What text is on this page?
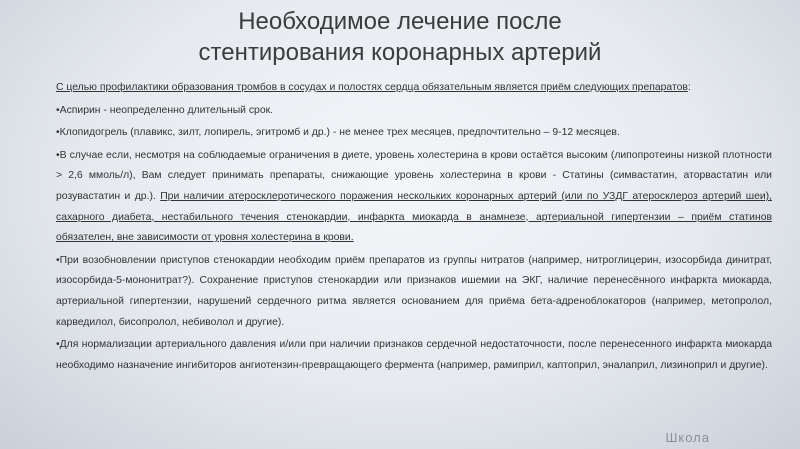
Необходимое лечение после
стентирования коронарных артерий

С целью профилактики образования тромбов в сосудах и полостях сердца обязательным является приём следующих препаратов:

•Аспирин - неопределенно длительный срок.

•Клопидогрель (плавикс, зилт, лопирель, эгитромб и др.) - не менее трех месяцев, предпочтительно – 9-12 месяцев.

•В случае если, несмотря на соблюдаемые ограничения в диете, уровень холестерина в крови остаётся высоким (липопротеины низкой плотности > 2,6 ммоль/л), Вам следует принимать препараты, снижающие уровень холестерина в крови - Статины (симвастатин, аторвастатин или розувастатин и др.). При наличии атеросклеротического поражения нескольких коронарных артерий (или по УЗДГ атеросклероз артерий шеи), сахарного диабета, нестабильного течения стенокардии, инфаркта миокарда в анамнезе, артериальной гипертензии – приём статинов обязателен, вне зависимости от уровня холестерина в крови.

•При возобновлении приступов стенокардии необходим приём препаратов из группы нитратов (например, нитроглицерин, изосорбида динитрат, изосорбида-5-мононитрат?). Сохранение приступов стенокардии или признаков ишемии на ЭКГ, наличие перенесённого инфаркта миокарда, артериальной гипертензии, нарушений сердечного ритма является основанием для приёма бета-адреноблокаторов (например, метопролол, карведилол, бисопролол, небиволол и другие).

•Для нормализации артериального давления и/или при наличии признаков сердечной недостаточности, после перенесенного инфаркта миокарда необходимо назначение ингибиторов ангиотензин-превращающего фермента (например, рамиприл, каптоприл, эналаприл, лизиноприл и другие).

Школа
